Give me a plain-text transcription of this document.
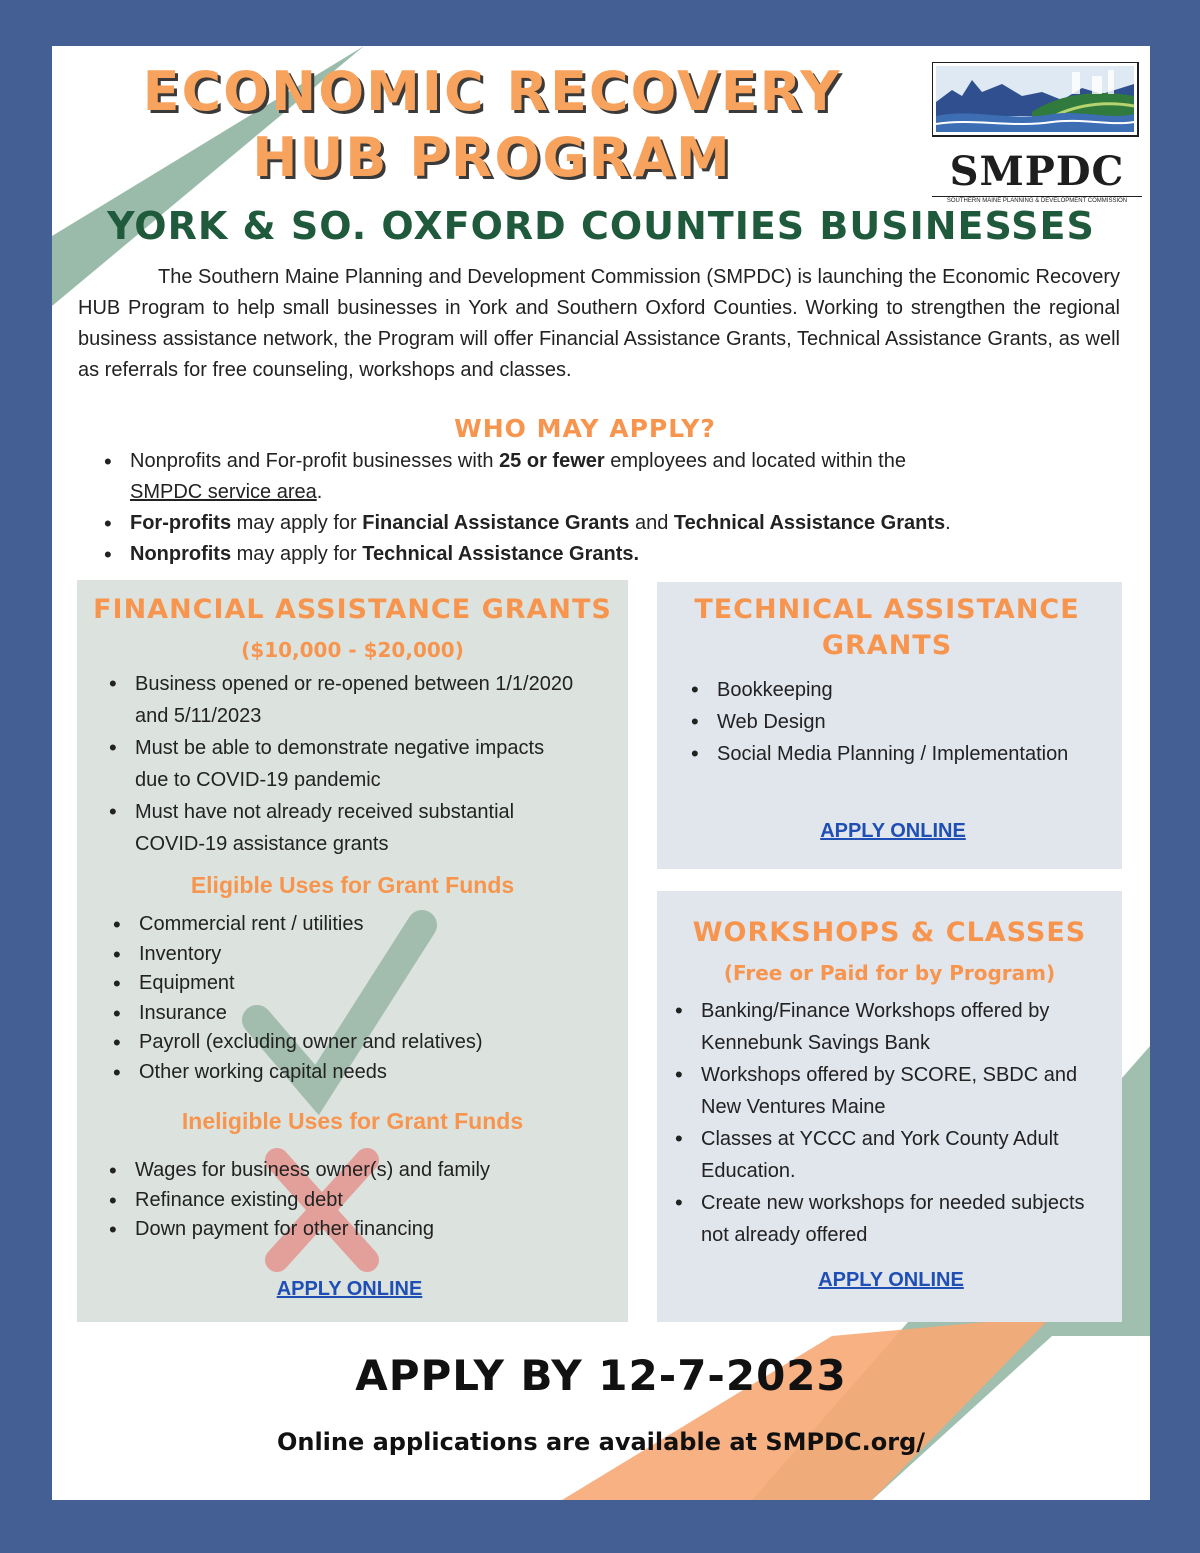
ECONOMIC RECOVERY
HUB PROGRAM	SMPDC
SOUTHERN MAINE PLANNING & DEVELOPMENT COMMISSION
YORK & SO. OXFORD COUNTIES BUSINESSES
The Southern Maine Planning and Development Commission (SMPDC) is launching the Economic Recovery HUB Program to help small businesses in York and Southern Oxford Counties. Working to strengthen the regional business assistance network, the Program will offer Financial Assistance Grants, Technical Assistance Grants, as well as referrals for free counseling, workshops and classes.
WHO MAY APPLY?
• Nonprofits and For-profit businesses with 25 or fewer employees and located within the
SMPDC service area.
• For-profits may apply for Financial Assistance Grants and Technical Assistance Grants.
• Nonprofits may apply for Technical Assistance Grants.
FINANCIAL ASSISTANCE GRANTS
($10,000 - $20,000)
• Business opened or re-opened between 1/1/2020 and 5/11/2023
• Must be able to demonstrate negative impacts due to COVID-19 pandemic
• Must have not already received substantial COVID-19 assistance grants
Eligible Uses for Grant Funds
• Commercial rent / utilities
• Inventory
• Equipment
• Insurance
• Payroll (excluding owner and relatives)
• Other working capital needs
Ineligible Uses for Grant Funds
• Wages for business owner(s) and family
• Refinance existing debt
• Down payment for other financing
APPLY ONLINE
TECHNICAL ASSISTANCE
GRANTS
• Bookkeeping
• Web Design
• Social Media Planning / Implementation
APPLY ONLINE
WORKSHOPS & CLASSES
(Free or Paid for by Program)
• Banking/Finance Workshops offered by Kennebunk Savings Bank
• Workshops offered by SCORE, SBDC and New Ventures Maine
• Classes at YCCC and York County Adult Education.
• Create new workshops for needed subjects not already offered
APPLY ONLINE
APPLY BY 12-7-2023
Online applications are available at SMPDC.org/
